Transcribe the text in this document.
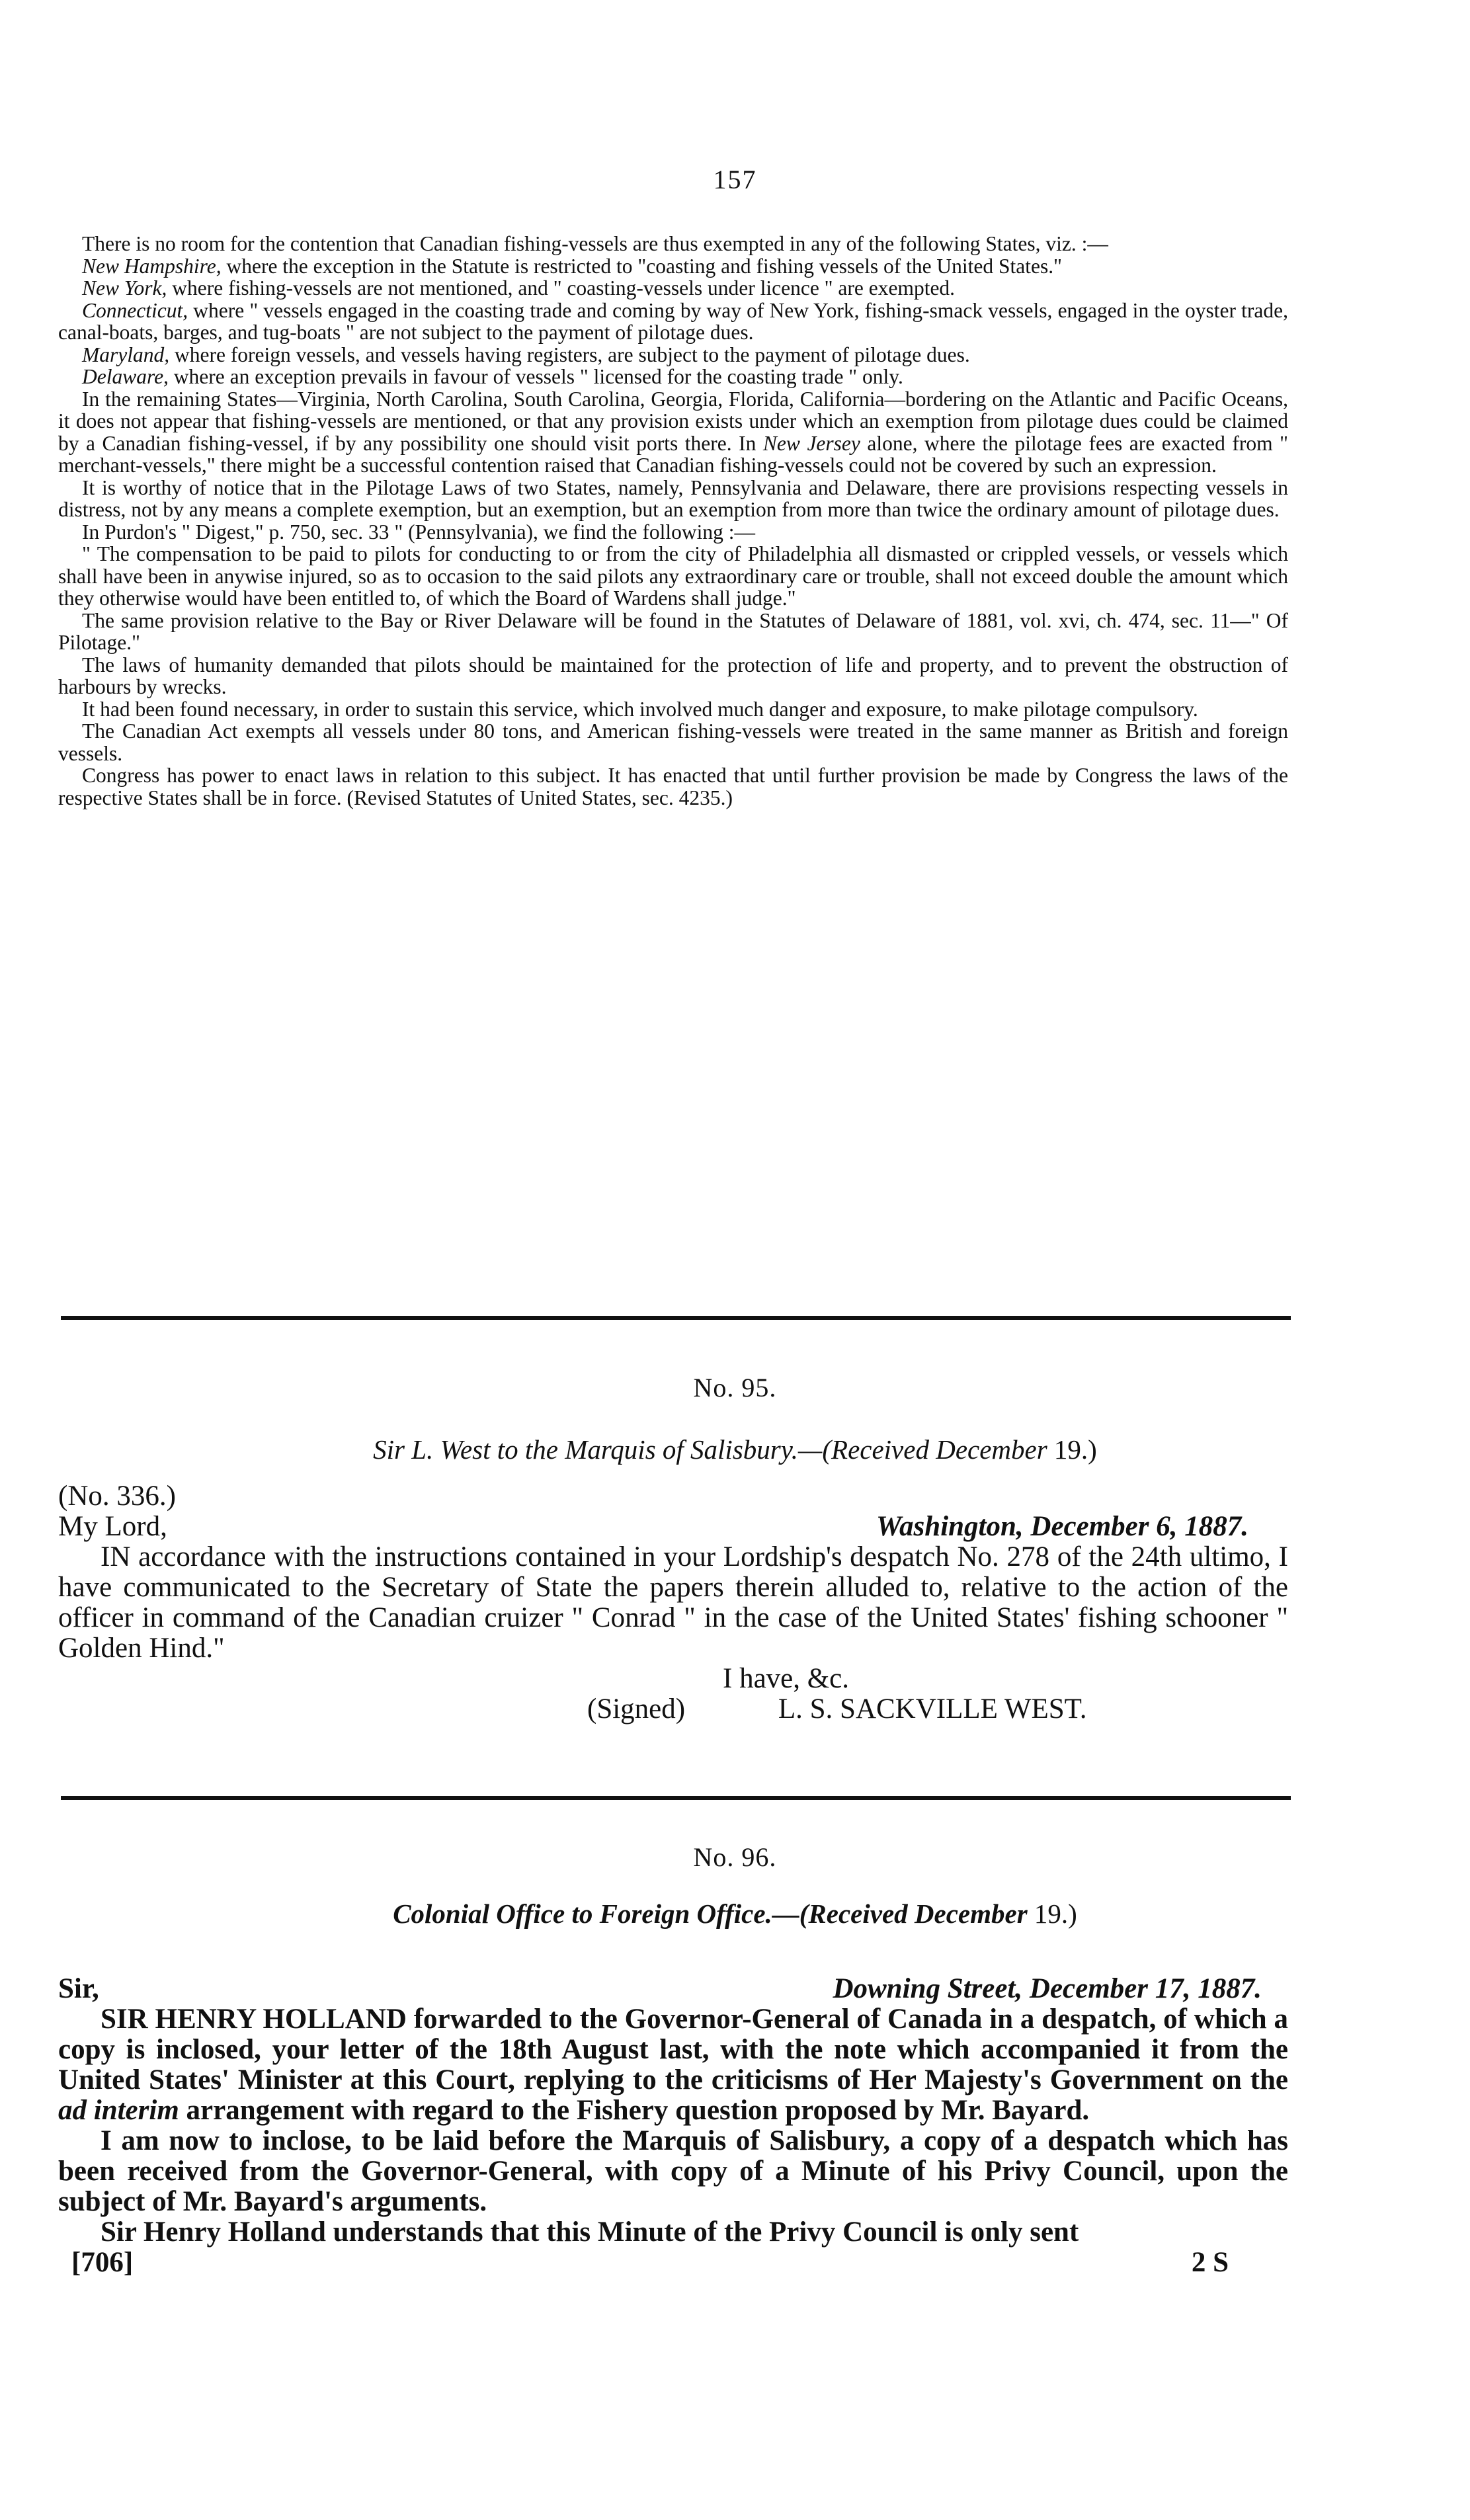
157

There is no room for the contention that Canadian fishing-vessels are thus exempted in any of the following States, viz. :—

New Hampshire, where the exception in the Statute is restricted to "coasting and fishing vessels of the United States."

New York, where fishing-vessels are not mentioned, and " coasting-vessels under licence " are exempted.

Connecticut, where " vessels engaged in the coasting trade and coming by way of New York, fishing-smack vessels, engaged in the oyster trade, canal-boats, barges, and tug-boats " are not subject to the payment of pilotage dues.

Maryland, where foreign vessels, and vessels having registers, are subject to the payment of pilotage dues.

Delaware, where an exception prevails in favour of vessels " licensed for the coasting trade " only.

In the remaining States—Virginia, North Carolina, South Carolina, Georgia, Florida, California—bordering on the Atlantic and Pacific Oceans, it does not appear that fishing-vessels are mentioned, or that any provision exists under which an exemption from pilotage dues could be claimed by a Canadian fishing-vessel, if by any possibility one should visit ports there. In New Jersey alone, where the pilotage fees are exacted from " merchant-vessels," there might be a successful contention raised that Canadian fishing-vessels could not be covered by such an expression.

It is worthy of notice that in the Pilotage Laws of two States, namely, Pennsylvania and Delaware, there are provisions respecting vessels in distress, not by any means a complete exemption, but an exemption, but an exemption from more than twice the ordinary amount of pilotage dues.

In Purdon's " Digest," p. 750, sec. 33 " (Pennsylvania), we find the following :—

" The compensation to be paid to pilots for conducting to or from the city of Philadelphia all dismasted or crippled vessels, or vessels which shall have been in anywise injured, so as to occasion to the said pilots any extraordinary care or trouble, shall not exceed double the amount which they otherwise would have been entitled to, of which the Board of Wardens shall judge."

The same provision relative to the Bay or River Delaware will be found in the Statutes of Delaware of 1881, vol. xvi, ch. 474, sec. 11—" Of Pilotage."

The laws of humanity demanded that pilots should be maintained for the protection of life and property, and to prevent the obstruction of harbours by wrecks.

It had been found necessary, in order to sustain this service, which involved much danger and exposure, to make pilotage compulsory.

The Canadian Act exempts all vessels under 80 tons, and American fishing-vessels were treated in the same manner as British and foreign vessels.

Congress has power to enact laws in relation to this subject. It has enacted that until further provision be made by Congress the laws of the respective States shall be in force. (Revised Statutes of United States, sec. 4235.)

No. 95.
Sir L. West to the Marquis of Salisbury.—(Received December 19.)
(No. 336.)
My Lord,	Washington, December 6, 1887.

IN accordance with the instructions contained in your Lordship's despatch No. 278 of the 24th ultimo, I have communicated to the Secretary of State the papers therein alluded to, relative to the action of the officer in command of the Canadian cruizer " Conrad " in the case of the United States' fishing schooner " Golden Hind."

I have, &c.
(Signed)	L. S. SACKVILLE WEST.
No. 96.
Colonial Office to Foreign Office.—(Received December 19.)
Sir,	Downing Street, December 17, 1887.

SIR HENRY HOLLAND forwarded to the Governor-General of Canada in a despatch, of which a copy is inclosed, your letter of the 18th August last, with the note which accompanied it from the United States' Minister at this Court, replying to the criticisms of Her Majesty's Government on the ad interim arrangement with regard to the Fishery question proposed by Mr. Bayard.

I am now to inclose, to be laid before the Marquis of Salisbury, a copy of a despatch which has been received from the Governor-General, with copy of a Minute of his Privy Council, upon the subject of Mr. Bayard's arguments.

Sir Henry Holland understands that this Minute of the Privy Council is only sent

[706]	2 S
